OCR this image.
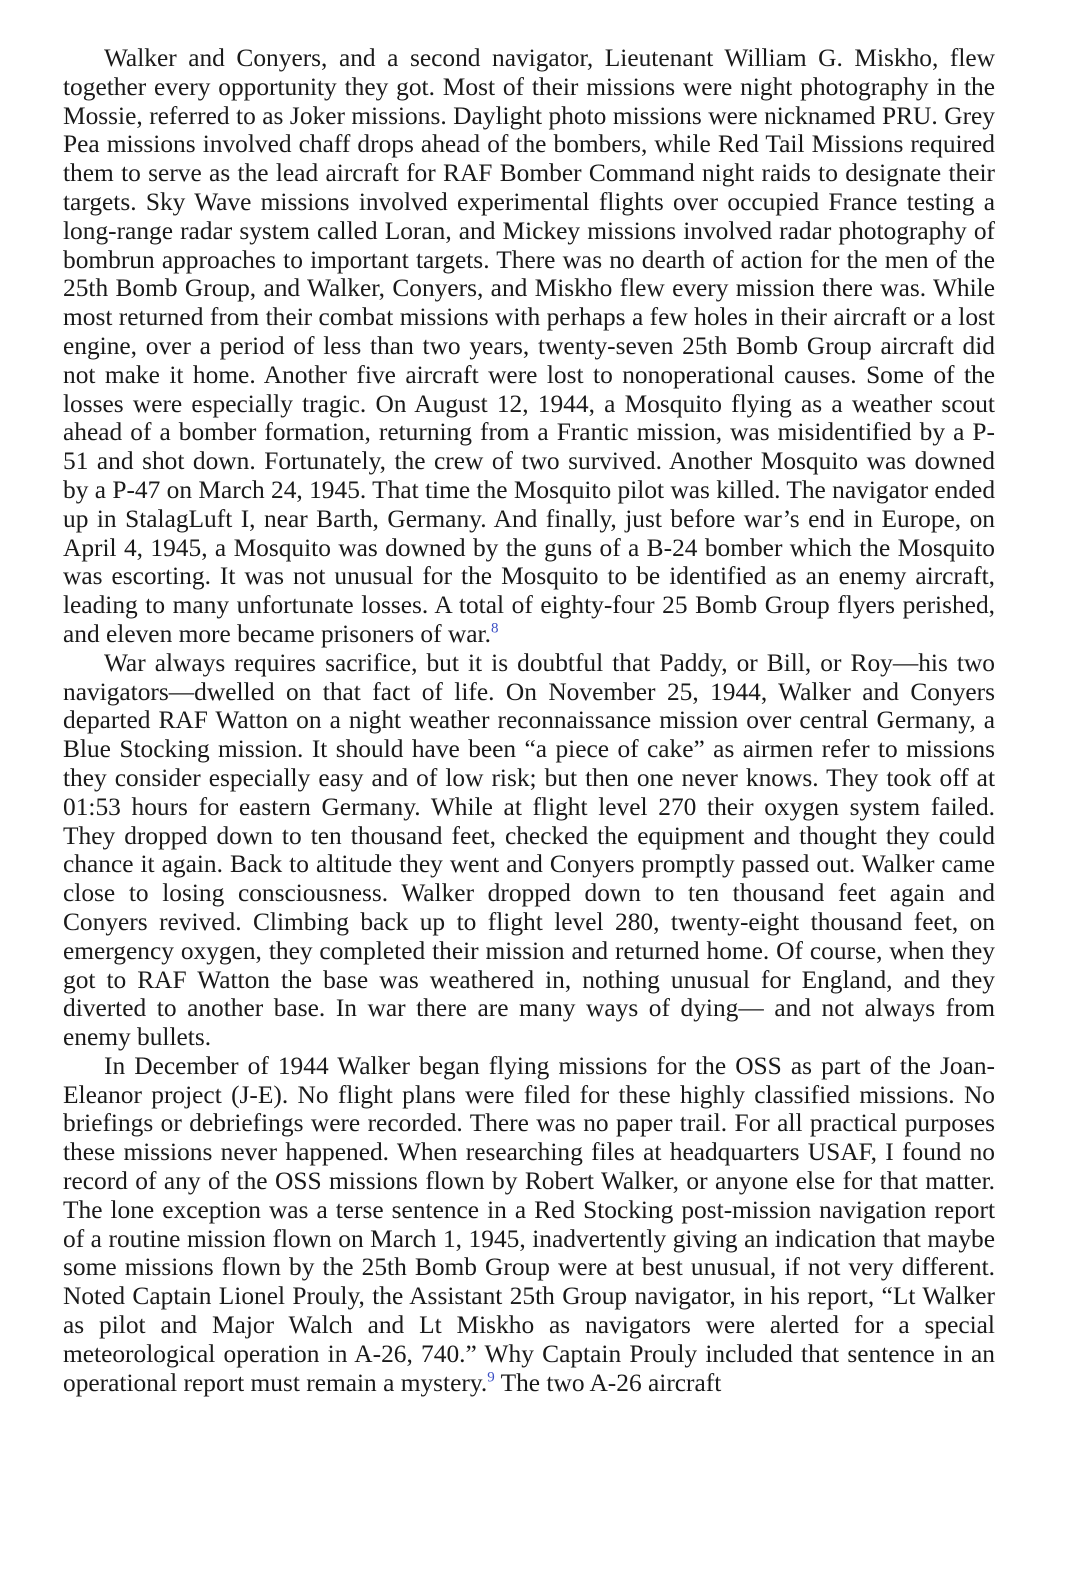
Walker and Conyers, and a second navigator, Lieutenant William G. Miskho, flew together every opportunity they got. Most of their missions were night photography in the Mossie, referred to as Joker missions. Daylight photo missions were nicknamed PRU. Grey Pea missions involved chaff drops ahead of the bombers, while Red Tail Missions required them to serve as the lead aircraft for RAF Bomber Command night raids to designate their targets. Sky Wave missions involved experimental flights over occupied France testing a long-range radar system called Loran, and Mickey missions involved radar photography of bombrun approaches to important targets. There was no dearth of action for the men of the 25th Bomb Group, and Walker, Conyers, and Miskho flew every mission there was. While most returned from their combat missions with perhaps a few holes in their aircraft or a lost engine, over a period of less than two years, twenty-seven 25th Bomb Group aircraft did not make it home. Another five aircraft were lost to nonoperational causes. Some of the losses were especially tragic. On August 12, 1944, a Mosquito flying as a weather scout ahead of a bomber formation, returning from a Frantic mission, was misidentified by a P-51 and shot down. Fortunately, the crew of two survived. Another Mosquito was downed by a P-47 on March 24, 1945. That time the Mosquito pilot was killed. The navigator ended up in StalagLuft I, near Barth, Germany. And finally, just before war’s end in Europe, on April 4, 1945, a Mosquito was downed by the guns of a B-24 bomber which the Mosquito was escorting. It was not unusual for the Mosquito to be identified as an enemy aircraft, leading to many unfortunate losses. A total of eighty-four 25 Bomb Group flyers perished, and eleven more became prisoners of war.$^8$

War always requires sacrifice, but it is doubtful that Paddy, or Bill, or Roy—his two navigators—dwelled on that fact of life. On November 25, 1944, Walker and Conyers departed RAF Watton on a night weather reconnaissance mission over central Germany, a Blue Stocking mission. It should have been “a piece of cake” as airmen refer to missions they consider especially easy and of low risk; but then one never knows. They took off at 01:53 hours for eastern Germany. While at flight level 270 their oxygen system failed. They dropped down to ten thousand feet, checked the equipment and thought they could chance it again. Back to altitude they went and Conyers promptly passed out. Walker came close to losing consciousness. Walker dropped down to ten thousand feet again and Conyers revived. Climbing back up to flight level 280, twenty-eight thousand feet, on emergency oxygen, they completed their mission and returned home. Of course, when they got to RAF Watton the base was weathered in, nothing unusual for England, and they diverted to another base. In war there are many ways of dying— and not always from enemy bullets.

In December of 1944 Walker began flying missions for the OSS as part of the Joan-Eleanor project (J-E). No flight plans were filed for these highly classified missions. No briefings or debriefings were recorded. There was no paper trail. For all practical purposes these missions never happened. When researching files at headquarters USAF, I found no record of any of the OSS missions flown by Robert Walker, or anyone else for that matter. The lone exception was a terse sentence in a Red Stocking post-mission navigation report of a routine mission flown on March 1, 1945, inadvertently giving an indication that maybe some missions flown by the 25th Bomb Group were at best unusual, if not very different. Noted Captain Lionel Prouly, the Assistant 25th Group navigator, in his report, “Lt Walker as pilot and Major Walch and Lt Miskho as navigators were alerted for a special meteorological operation in A-26, 740.” Why Captain Prouly included that sentence in an operational report must remain a mystery.$^9$ The two A-26 aircraft
